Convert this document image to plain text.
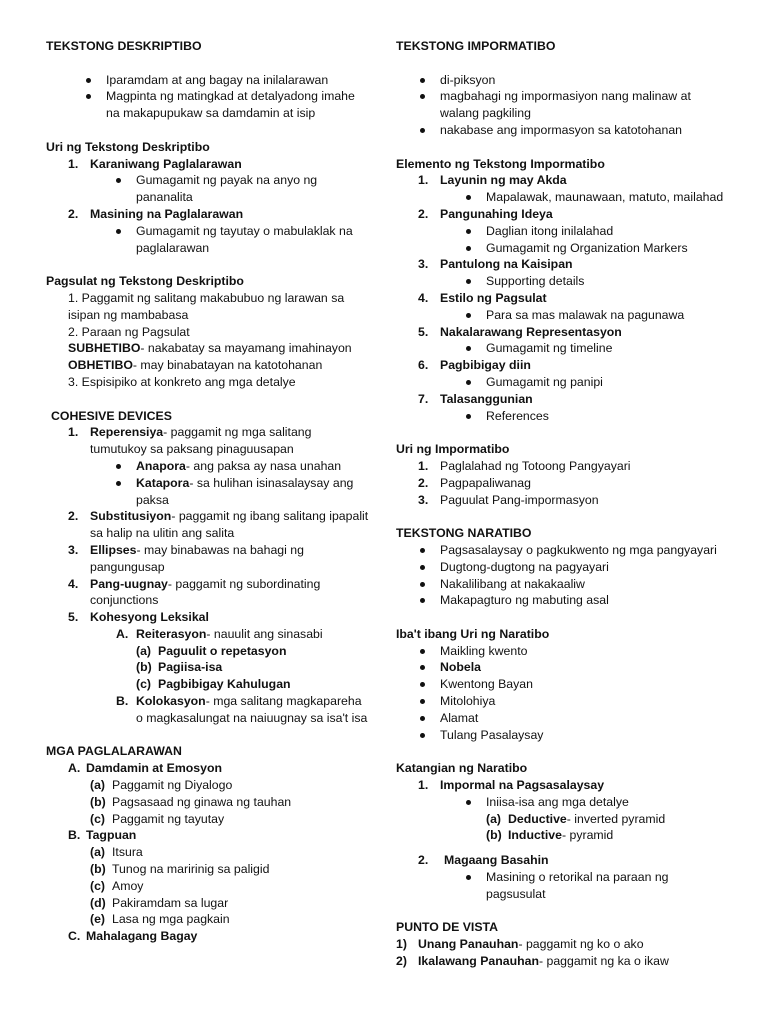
TEKSTONG DESKRIPTIBO
Iparamdam at ang bagay na inilalarawan
Magpinta ng matingkad at detalyadong imahe na makapupukaw sa damdamin at isip
Uri ng Tekstong Deskriptibo
1. Karaniwang Paglalarawan
Gumagamit ng payak na anyo ng pananalita
2. Masining na Paglalarawan
Gumagamit ng tayutay o mabulaklak na paglalarawan
Pagsulat ng Tekstong Deskriptibo
1. Paggamit ng salitang makabubuo ng larawan sa isipan ng mambabasa
2. Paraan ng Pagsulat
SUBHETIBO- nakabatay sa mayamang imahinayon
OBHETIBO- may binabatayan na katotohanan
3. Espisipiko at konkreto ang mga detalye
COHESIVE DEVICES
1. Reperensiya- paggamit ng mga salitang tumutukoy sa paksang pinaguusapan
Anapora- ang paksa ay nasa unahan
Katapora- sa hulihan isinasalaysay ang paksa
2. Substitusiyon- paggamit ng ibang salitang ipapalit sa halip na ulitin ang salita
3. Ellipses- may binabawas na bahagi ng pangungusap
4. Pang-uugnay- paggamit ng subordinating conjunctions
5. Kohesyong Leksikal
A. Reiterasyon- nauulit ang sinasabi
(a) Paguulit o repetasyon
(b) Pagiisa-isa
(c) Pagbibigay Kahulugan
B. Kolokasyon- mga salitang magkapareha o magkasalungat na naiuugnay sa isa't isa
MGA PAGLALARAWAN
A. Damdamin at Emosyon
(a) Paggamit ng Diyalogo
(b) Pagsasaad ng ginawa ng tauhan
(c) Paggamit ng tayutay
B. Tagpuan
(a) Itsura
(b) Tunog na maririnig sa paligid
(c) Amoy
(d) Pakiramdam sa lugar
(e) Lasa ng mga pagkain
C. Mahalagang Bagay
TEKSTONG IMPORMATIBO
di-piksyon
magbahagi ng impormasiyon nang malinaw at walang pagkiling
nakabase ang impormasyon sa katotohanan
Elemento ng Tekstong Impormatibo
1. Layunin ng may Akda
Mapalawak, maunawaan, matuto, mailahad
2. Pangunahing Ideya
Daglian itong inilalahad
Gumagamit ng Organization Markers
3. Pantulong na Kaisipan
Supporting details
4. Estilo ng Pagsulat
Para sa mas malawak na pagunawa
5. Nakalarawang Representasyon
Gumagamit ng timeline
6. Pagbibigay diin
Gumagamit ng panipi
7. Talasanggunian
References
Uri ng Impormatibo
1. Paglalahad ng Totoong Pangyayari
2. Pagpapaliwanag
3. Paguulat Pang-impormasyon
TEKSTONG NARATIBO
Pagsasalaysay o pagkukwento ng mga pangyayari
Dugtong-dugtong na pagyayari
Nakalilibang at nakakaaliw
Makapagturo ng mabuting asal
Iba't ibang Uri ng Naratibo
Maikling kwento
Nobela
Kwentong Bayan
Mitolohiya
Alamat
Tulang Pasalaysay
Katangian ng Naratibo
1. Impormal na Pagsasalaysay
Iniisa-isa ang mga detalye
(a) Deductive- inverted pyramid
(b) Inductive- pyramid
2. Magaang Basahin
Masining o retorikal na paraan ng pagsusulat
PUNTO DE VISTA
1) Unang Panauhan- paggamit ng ko o ako
2) Ikalawang Panauhan- paggamit ng ka o ikaw
